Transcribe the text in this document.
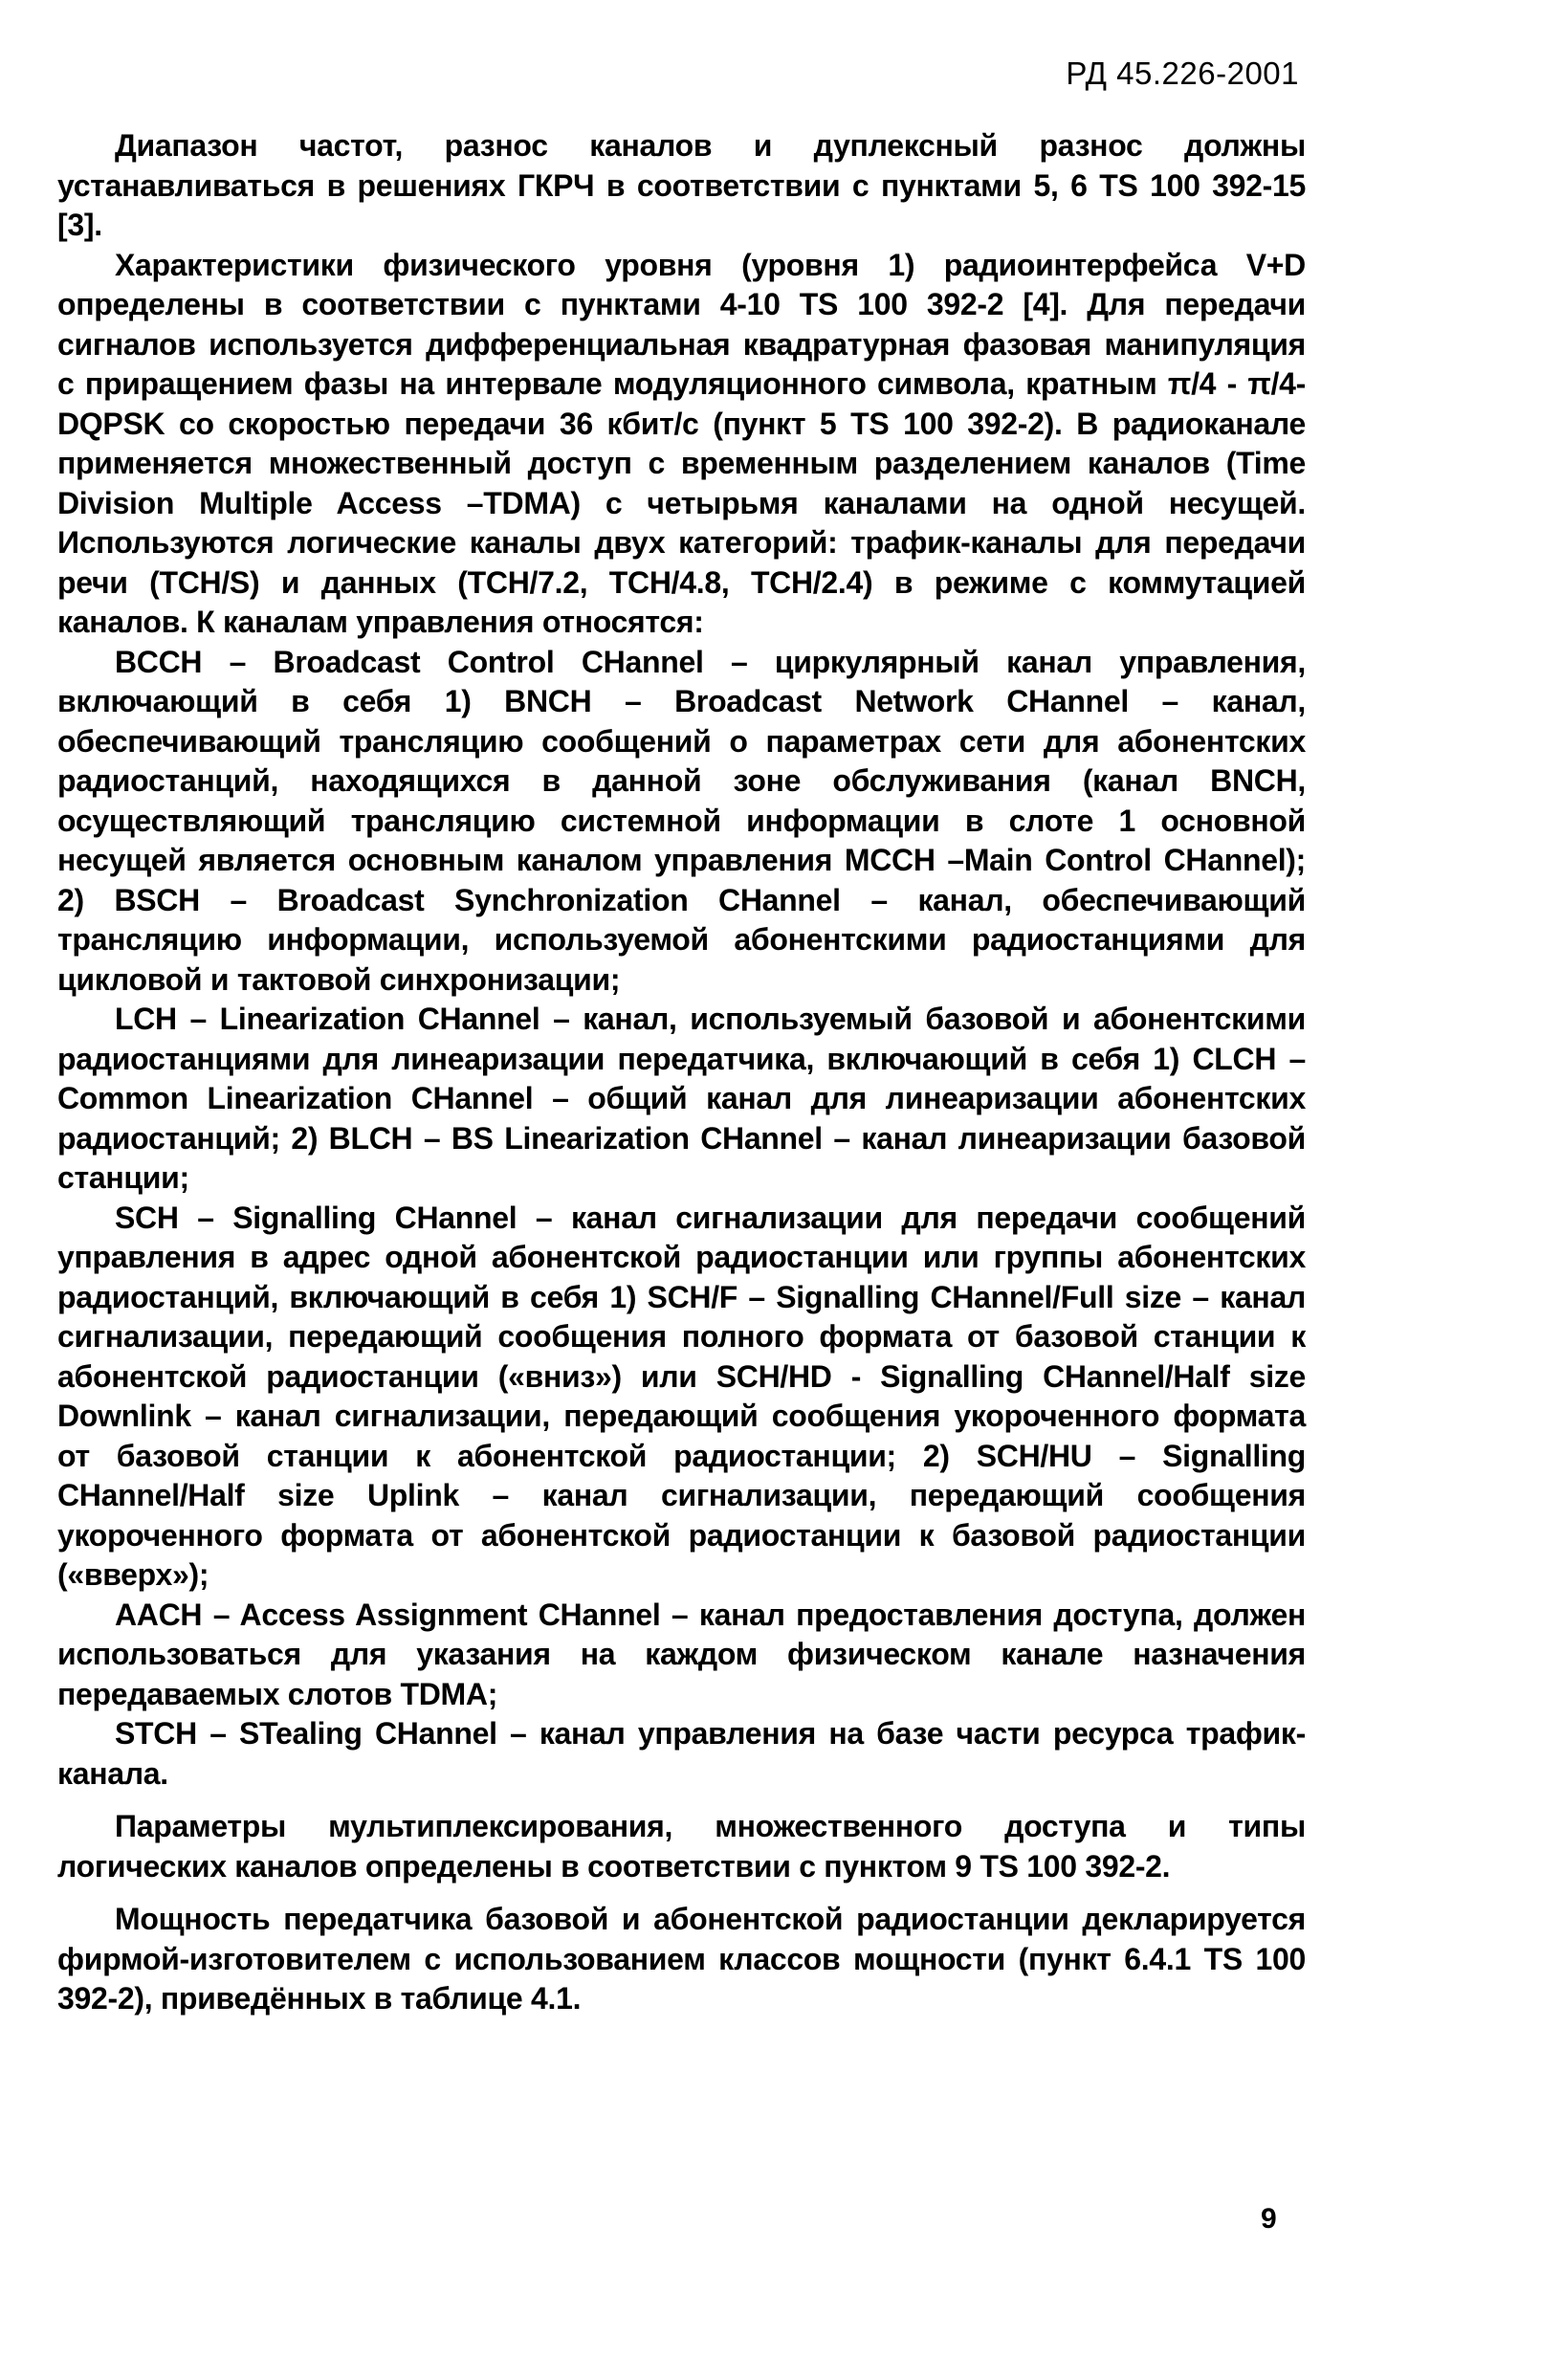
РД 45.226-2001

Диапазон частот, разнос каналов и дуплексный разнос должны устанавливаться в решениях ГКРЧ в соответствии с пунктами 5, 6 TS 100 392-15 [3].

Характеристики физического уровня (уровня 1) радиоинтерфейса V+D определены в соответствии с пунктами 4-10 TS 100 392-2 [4]. Для передачи сигналов используется дифференциальная квадратурная фазовая манипуляция с приращением фазы на интервале модуляционного символа, кратным π/4 - π/4-DQPSK со скоростью передачи 36 кбит/с (пункт 5 TS 100 392-2). В радиоканале применяется множественный доступ с временным разделением каналов (Time Division Multiple Access –TDMA) с четырьмя каналами на одной несущей. Используются логические каналы двух категорий: трафик-каналы для передачи речи (TCH/S) и данных (TCH/7.2, TCH/4.8, TCH/2.4) в режиме с коммутацией каналов. К каналам управления относятся:

BCCH – Broadcast Control CHannel – циркулярный канал управления, включающий в себя 1) BNCH – Broadcast Network CHannel – канал, обеспечивающий трансляцию сообщений о параметрах сети для абонентских радиостанций, находящихся в данной зоне обслуживания (канал BNCH, осуществляющий трансляцию системной информации в слоте 1 основной несущей является основным каналом управления MCCH –Main Control CHannel); 2) BSCH – Broadcast Synchronization CHannel – канал, обеспечивающий трансляцию информации, используемой абонентскими радиостанциями для цикловой и тактовой синхронизации;

LCH – Linearization CHannel – канал, используемый базовой и абонентскими радиостанциями для линеаризации передатчика, включающий в себя 1) CLCH – Common Linearization CHannel – общий канал для линеаризации абонентских радиостанций; 2) BLCH – BS Linearization CHannel – канал линеаризации базовой станции;

SCH – Signalling CHannel – канал сигнализации для передачи сообщений управления в адрес одной абонентской радиостанции или группы абонентских радиостанций, включающий в себя 1) SCH/F – Signalling CHannel/Full size – канал сигнализации, передающий сообщения полного формата от базовой станции к абонентской радиостанции («вниз») или SCH/HD - Signalling CHannel/Half size Downlink – канал сигнализации, передающий сообщения укороченного формата от базовой станции к абонентской радиостанции; 2) SCH/HU – Signalling CHannel/Half size Uplink – канал сигнализации, передающий сообщения укороченного формата от абонентской радиостанции к базовой радиостанции («вверх»);

AACH – Access Assignment CHannel – канал предоставления доступа, должен использоваться для указания на каждом физическом канале назначения передаваемых слотов TDMA;

STCH – STealing CHannel – канал управления на базе части ресурса трафик-канала.

Параметры мультиплексирования, множественного доступа и типы логических каналов определены в соответствии с пунктом 9 TS 100 392-2.

Мощность передатчика базовой и абонентской радиостанции декларируется фирмой-изготовителем с использованием классов мощности (пункт 6.4.1 TS 100 392-2), приведённых в таблице 4.1.

9
